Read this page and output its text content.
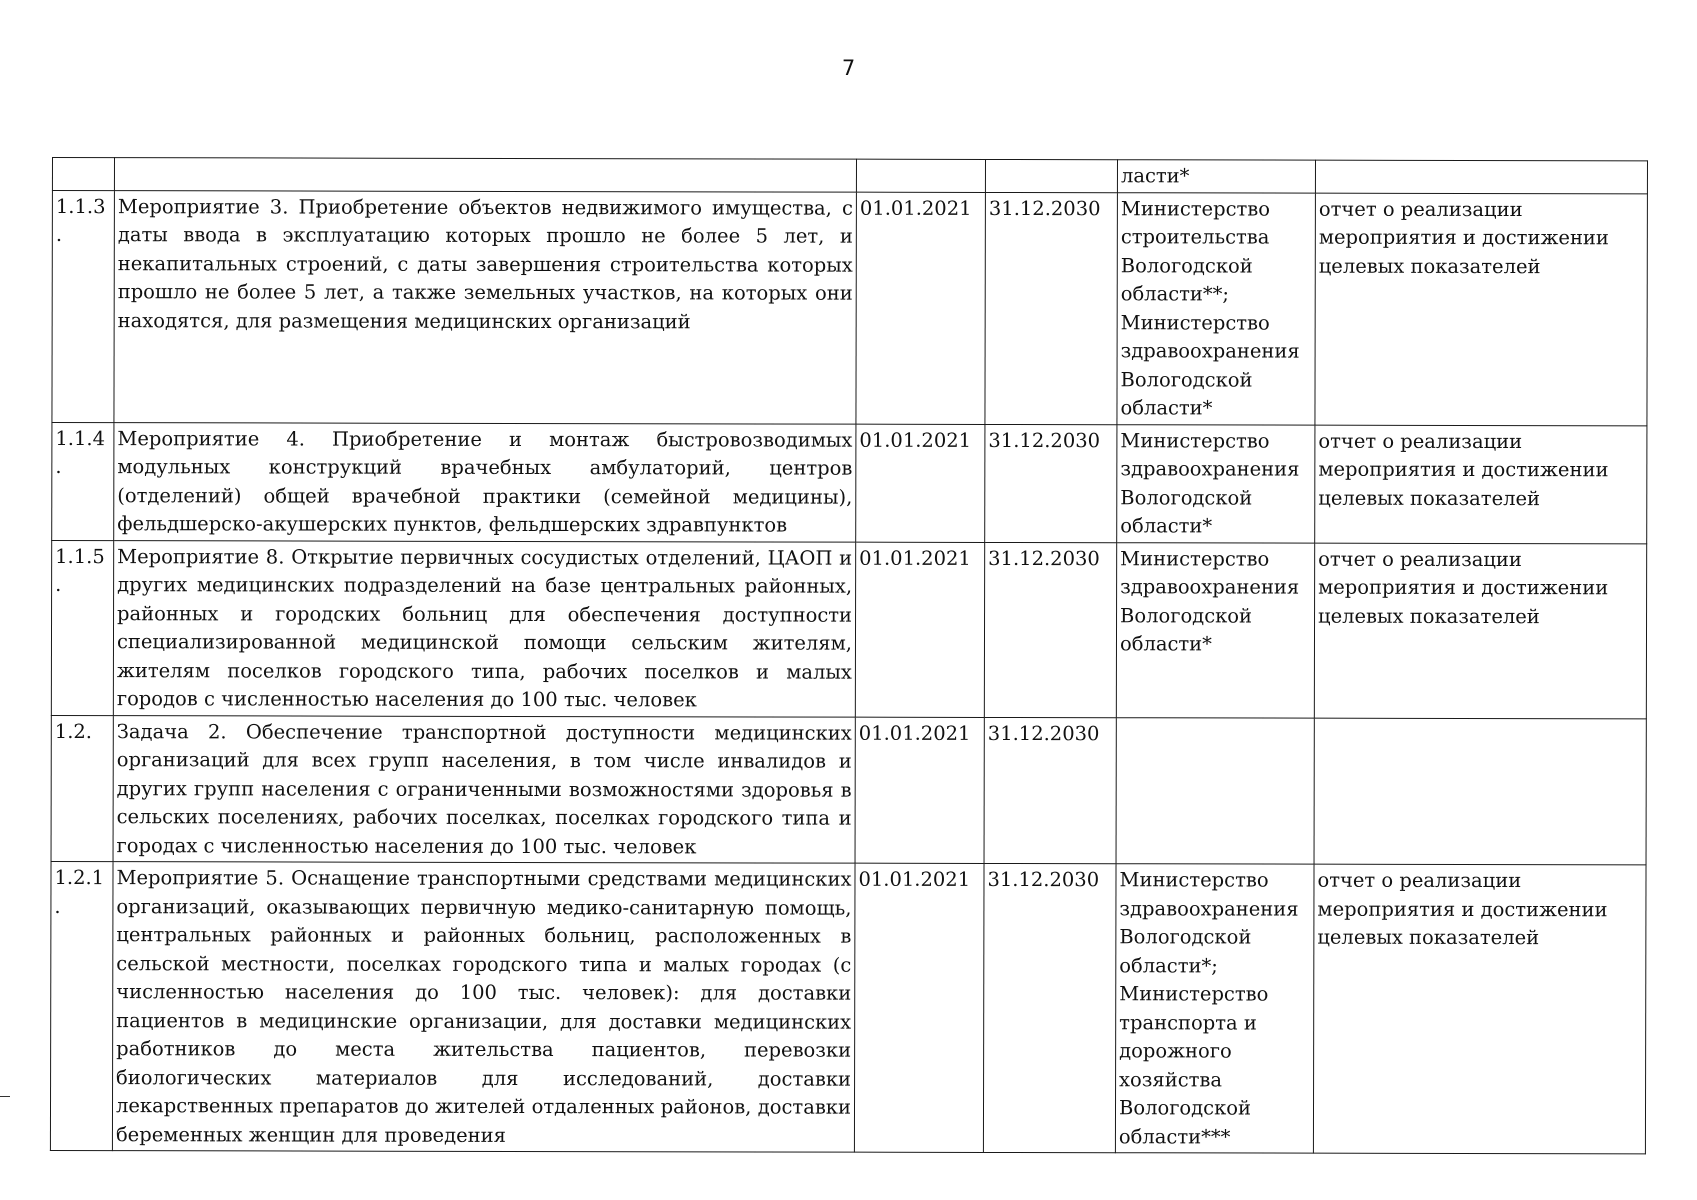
7
				ласти*	
1.1.3.	Мероприятие 3. Приобретение объектов недвижимого имущества, с даты ввода в эксплуатацию которых прошло не более 5 лет, и некапитальных строений, с даты завершения строительства которых прошло не более 5 лет, а также земельных участков, на которых они находятся, для размещения медицинских организаций	01.01.2021	31.12.2030	Министерство строительства Вологодской области**; Министерство здравоохранения Вологодской области*	отчет о реализации мероприятия и достижении целевых показателей
1.1.4.	Мероприятие 4. Приобретение и монтаж быстровозводимых модульных конструкций врачебных амбулаторий, центров (отделений) общей врачебной практики (семейной медицины), фельдшерско-акушерских пунктов, фельдшерских здравпунктов	01.01.2021	31.12.2030	Министерство здравоохранения Вологодской области*	отчет о реализации мероприятия и достижении целевых показателей
1.1.5.	Мероприятие 8. Открытие первичных сосудистых отделений, ЦАОП и других медицинских подразделений на базе центральных районных, районных и городских больниц для обеспечения доступности специализированной медицинской помощи сельским жителям, жителям поселков городского типа, рабочих поселков и малых городов с численностью населения до 100 тыс. человек	01.01.2021	31.12.2030	Министерство здравоохранения Вологодской области*	отчет о реализации мероприятия и достижении целевых показателей
1.2.	Задача 2. Обеспечение транспортной доступности медицинских организаций для всех групп населения, в том числе инвалидов и других групп населения с ограниченными возможностями здоровья в сельских поселениях, рабочих поселках, поселках городского типа и городах с численностью населения до 100 тыс. человек	01.01.2021	31.12.2030		
1.2.1.	Мероприятие 5. Оснащение транспортными средствами медицинских организаций, оказывающих первичную медико-санитарную помощь, центральных районных и районных больниц, расположенных в сельской местности, поселках городского типа и малых городах (с численностью населения до 100 тыс. человек): для доставки пациентов в медицинские организации, для доставки медицинских работников до места жительства пациентов, перевозки биологических материалов для исследований, доставки лекарственных препаратов до жителей отдаленных районов, доставки беременных женщин для проведения	01.01.2021	31.12.2030	Министерство здравоохранения Вологодской области*; Министерство транспорта и дорожного хозяйства Вологодской области***	отчет о реализации мероприятия и достижении целевых показателей
